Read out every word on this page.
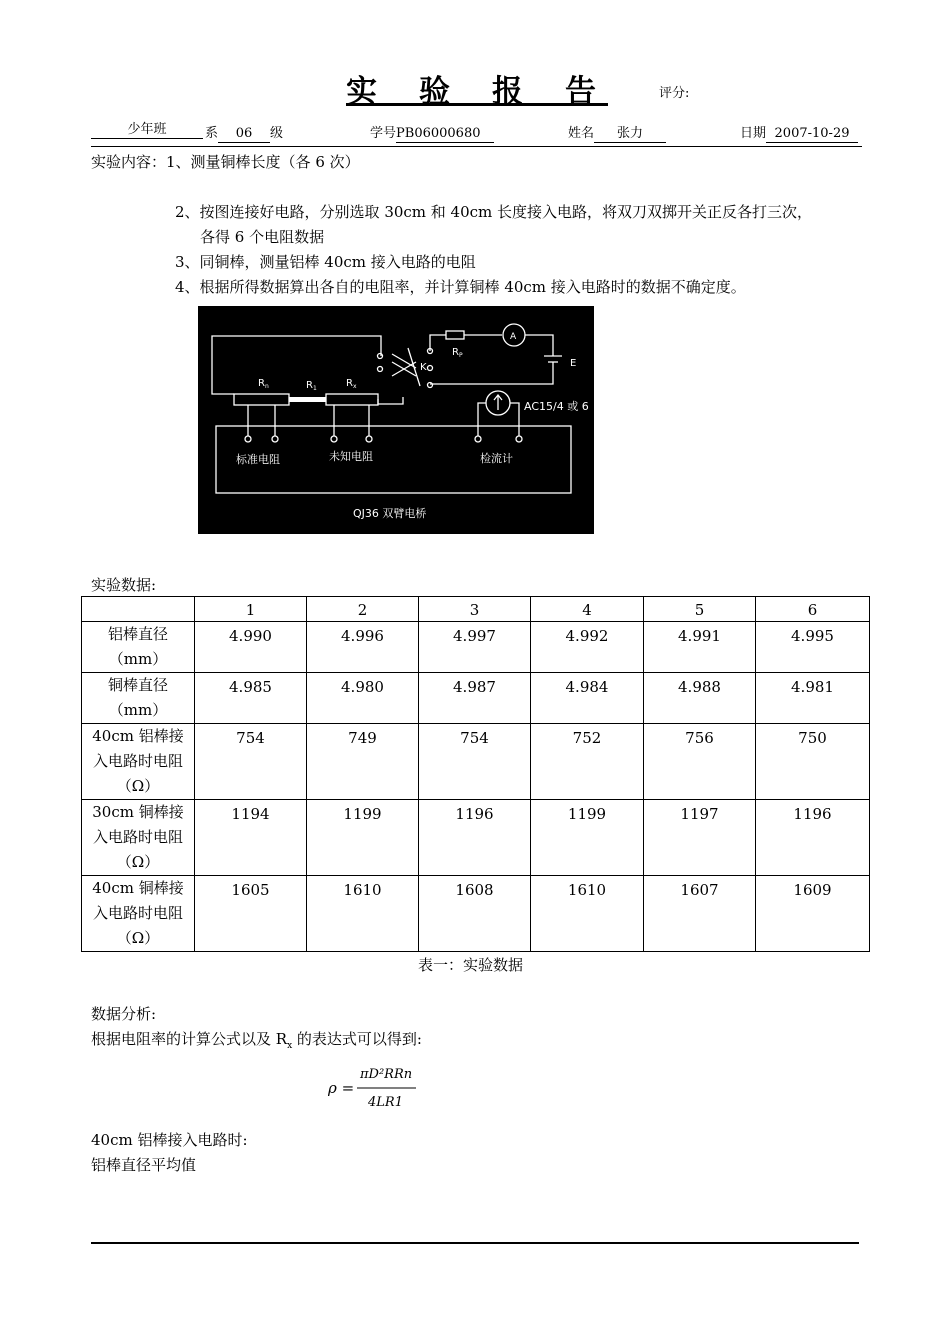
实 验 报 告	评分:
少年班	系 06 级	学号PB06000680	姓名 张力	日期 2007-10-29
实验内容：1、测量铜棒长度（各 6 次）
2、按图连接好电路，分别选取 30cm 和 40cm 长度接入电路，将双刀双掷开关正反各打三次，
各得 6 个电阻数据
3、同铜棒，测量铝棒 40cm 接入电路的电阻
4、根据所得数据算出各自的电阻率，并计算铜棒 40cm 接入电路时的数据不确定度。
$R_n$	$R_1$	$R_x$
$R_P$
K	E
A
AC15/4 或 6
标准电阻	未知电阻	检流计
QJ36 双臂电桥
实验数据:
	1	2	3	4	5	6
铝棒直径（mm）	4.990	4.996	4.997	4.992	4.991	4.995
铜棒直径（mm）	4.985	4.980	4.987	4.984	4.988	4.981
40cm 铝棒接入电路时电阻（Ω）	754	749	754	752	756	750
30cm 铜棒接入电路时电阻（Ω）	1194	1199	1196	1199	1197	1196
40cm 铜棒接入电路时电阻（Ω）	1605	1610	1608	1610	1607	1609
表一：实验数据
数据分析:
根据电阻率的计算公式以及 $R_x$ 的表达式可以得到:
ρ =
πD²RRn
4LR1
40cm 铝棒接入电路时:
铝棒直径平均值
